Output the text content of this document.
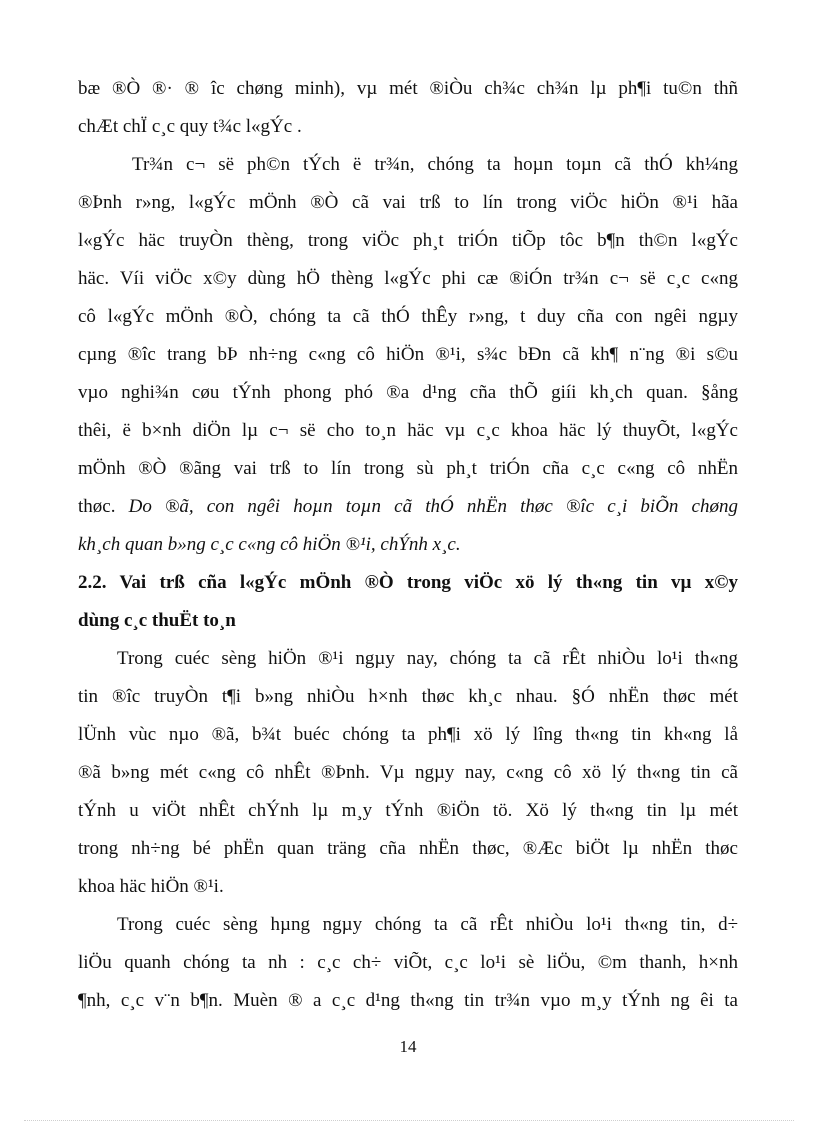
bæ ®Ò ®· ® îc chøng minh), vµ mét ®iÒu ch¾c ch¾n lµ ph¶i tu©n thñ
chÆt chÏ c¸c quy t¾c l«gÝc .
Tr¾n c¬ së ph©n tÝch ë tr¾n, chóng ta hoµn toµn cã thÓ kh¼ng
®Þnh r»ng, l«gÝc mÖnh ®Ò cã vai trß to lín trong viÖc hiÖn ®¹i hãa
l«gÝc häc truyÒn thèng, trong viÖc ph¸t triÓn tiÕp tôc b¶n th©n l«gÝc
häc. Víi viÖc x©y dùng hÖ thèng l«gÝc phi cæ ®iÓn tr¾n c¬ së c¸c c«ng
cô l«gÝc mÖnh ®Ò, chóng ta cã thÓ thÊy r»ng, t duy cña con ngêi ngµy
cµng ®îc trang bÞ nh÷ng c«ng cô hiÖn ®¹i, s¾c bÐn cã kh¶ n¨ng ®i s©u
vµo nghi¾n cøu tÝnh phong phó ®a d¹ng cña thÕ giíi kh¸ch quan. §ång
thêi, ë b×nh diÖn lµ c¬ së cho to¸n häc vµ c¸c khoa häc lý thuyÕt, l«gÝc
mÖnh ®Ò ®ãng vai trß to lín trong sù ph¸t triÓn cña c¸c c«ng cô nhËn
thøc. Do ®ã, con ngêi hoµn toµn cã thÓ nhËn thøc ®îc c¸i biÕn chøng
kh¸ch quan b»ng c¸c c«ng cô hiÖn ®¹i, chÝnh x¸c.
2.2. Vai trß cña l«gÝc mÖnh ®Ò trong viÖc xö lý th«ng tin vµ x©y
dùng c¸c thuËt to¸n
Trong cuéc sèng hiÖn ®¹i ngµy nay, chóng ta cã rÊt nhiÒu lo¹i th«ng
tin ®îc truyÒn t¶i b»ng nhiÒu h×nh thøc kh¸c nhau. §Ó nhËn thøc mét
lÜnh vùc nµo ®ã, b¾t buéc chóng ta ph¶i xö lý lîng th«ng tin kh«ng lå
®ã b»ng mét c«ng cô nhÊt ®Þnh. Vµ ngµy nay, c«ng cô xö lý th«ng tin cã
tÝnh u viÖt nhÊt chÝnh lµ m¸y tÝnh ®iÖn tö. Xö lý th«ng tin lµ mét
trong nh÷ng bé phËn quan träng cña nhËn thøc, ®Æc biÖt lµ nhËn thøc
khoa häc hiÖn ®¹i.
Trong cuéc sèng hµng ngµy chóng ta cã rÊt nhiÒu lo¹i th«ng tin, d÷
liÖu quanh chóng ta nh : c¸c ch÷ viÕt, c¸c lo¹i sè liÖu, ©m thanh, h×nh
¶nh, c¸c v¨n b¶n. Muèn ® a c¸c d¹ng th«ng tin tr¾n vµo m¸y tÝnh ng êi ta
14
